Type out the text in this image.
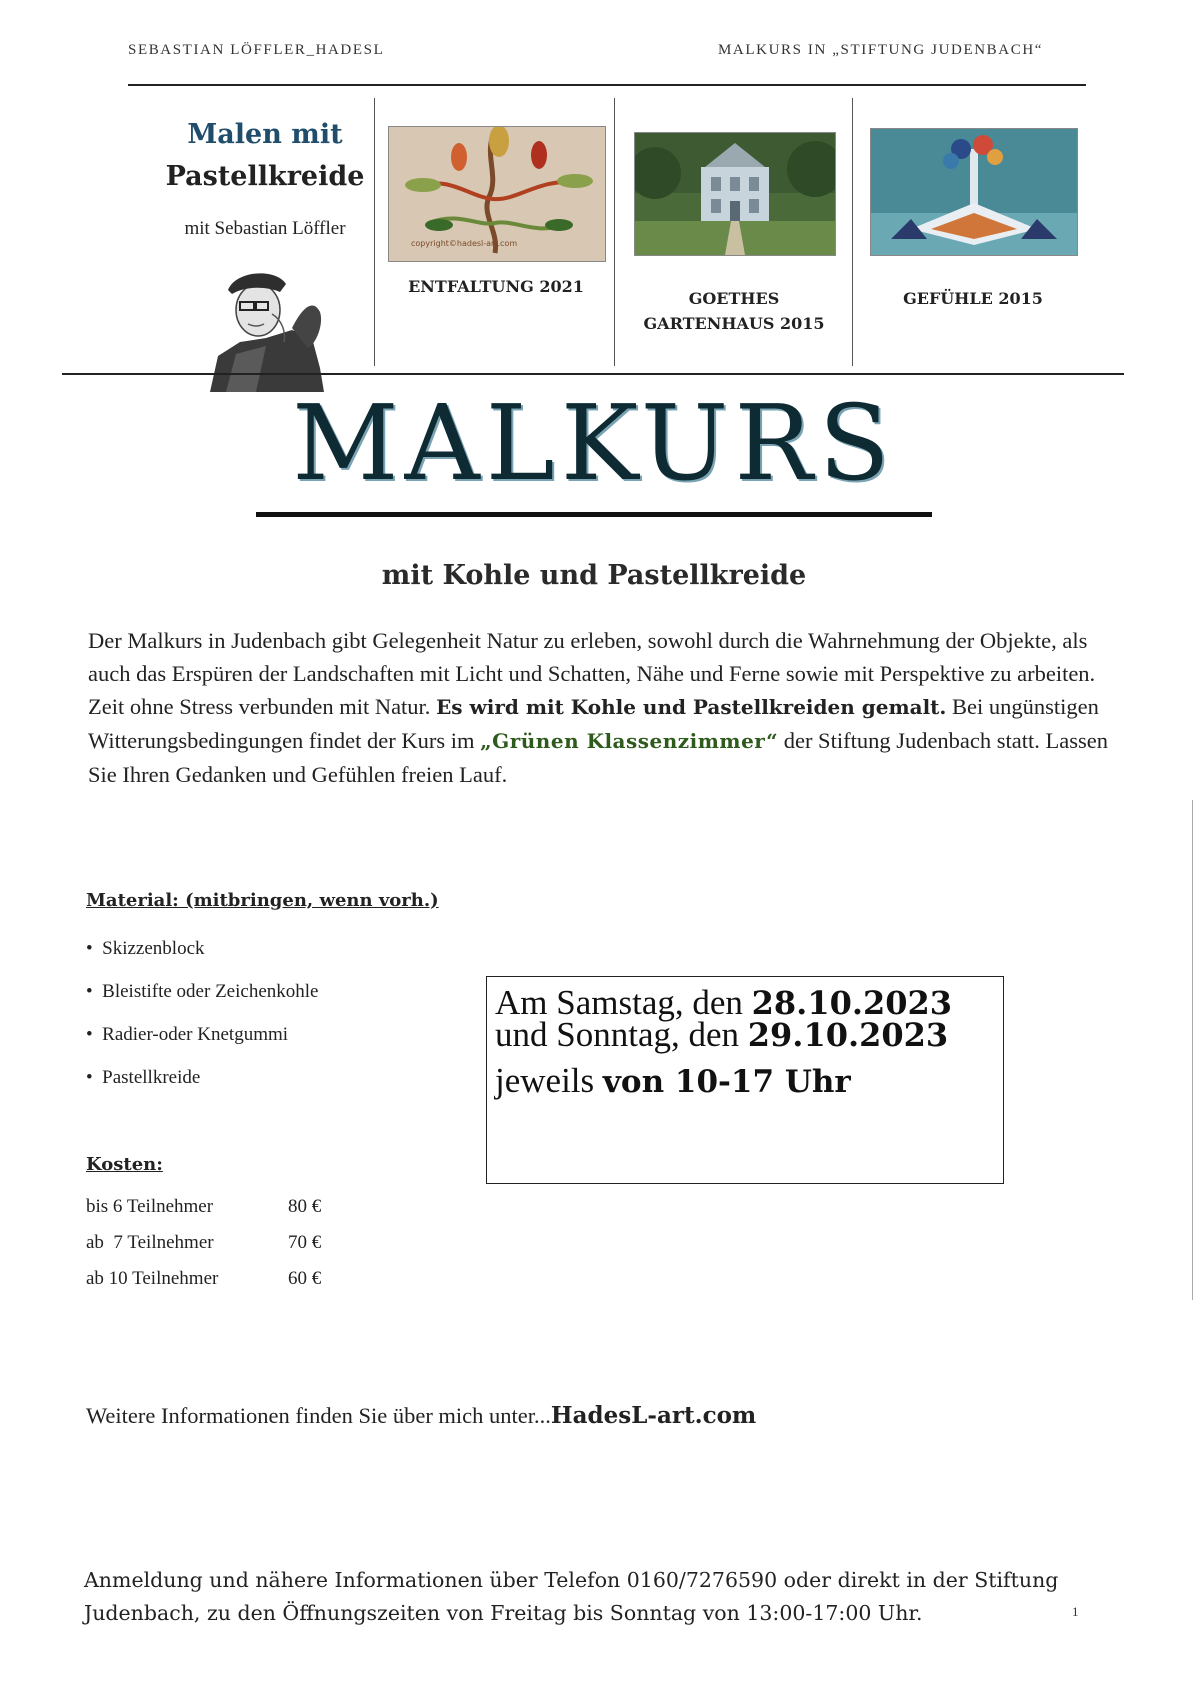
SEBASTIAN LÖFFLER_HADESL	MALKURS IN „STIFTUNG JUDENBACH“
Malen mit
Pastellkreide
mit Sebastian Löffler
copyright©hadesl-art.com
ENTFALTUNG 2021
GOETHES
GARTENHAUS 2015
GEFÜHLE 2015
MALKURS
mit Kohle und Pastellkreide
Der Malkurs in Judenbach gibt Gelegenheit Natur zu erleben, sowohl durch die Wahrnehmung der Objekte, als auch das Erspüren der Landschaften mit Licht und Schatten, Nähe und Ferne sowie mit Perspektive zu arbeiten. Zeit ohne Stress verbunden mit Natur. Es wird mit Kohle und Pastellkreiden gemalt. Bei ungünstigen Witterungsbedingungen findet der Kurs im „Grünen Klassenzimmer“ der Stiftung Judenbach statt. Lassen Sie Ihren Gedanken und Gefühlen freien Lauf.
Material: (mitbringen, wenn vorh.)
•  Skizzenblock
•  Bleistifte oder Zeichenkohle
•  Radier-oder Knetgummi
•  Pastellkreide
Am Samstag, den 28.10.2023
und Sonntag, den 29.10.2023
jeweils von 10-17 Uhr
Kosten:
bis 6 Teilnehmer	80 €
ab  7 Teilnehmer	70 €
ab 10 Teilnehmer	60 €
Weitere Informationen finden Sie über mich unter...HadesL-art.com
Anmeldung und nähere Informationen über Telefon 0160/7276590 oder direkt in der Stiftung
Judenbach, zu den Öffnungszeiten von Freitag bis Sonntag von 13:00-17:00 Uhr.	1
